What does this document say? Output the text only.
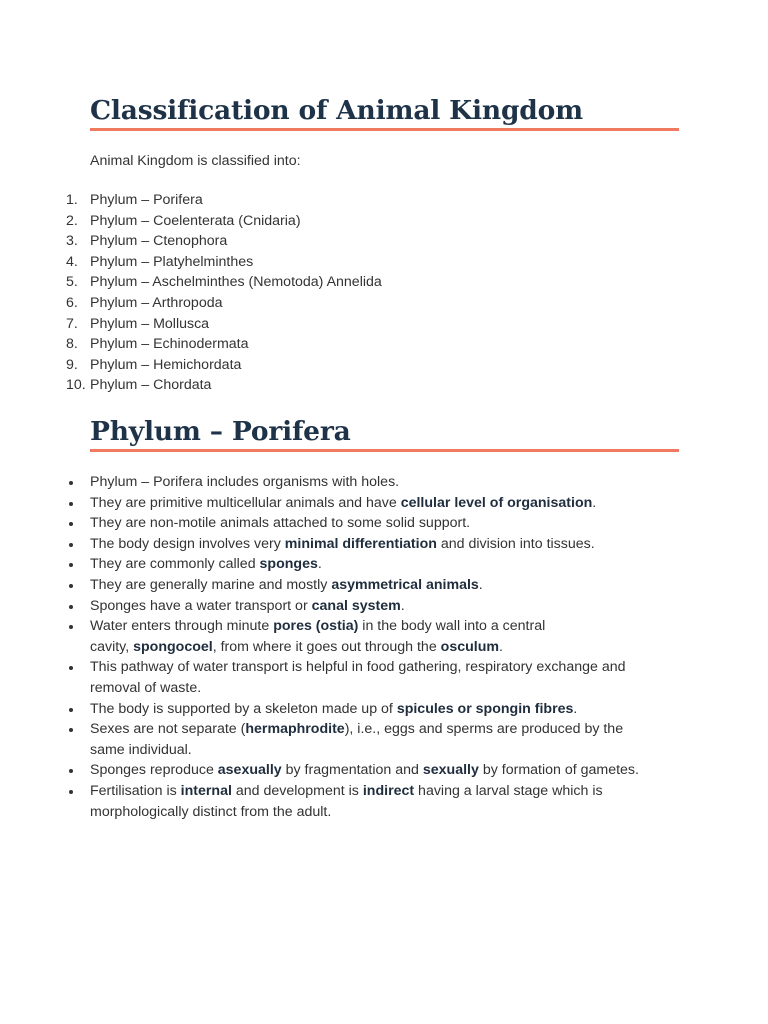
Classification of Animal Kingdom

Animal Kingdom is classified into:

1. Phylum – Porifera
2. Phylum – Coelenterata (Cnidaria)
3. Phylum – Ctenophora
4. Phylum – Platyhelminthes
5. Phylum – Aschelminthes (Nemotoda) Annelida
6. Phylum – Arthropoda
7. Phylum – Mollusca
8. Phylum – Echinodermata
9. Phylum – Hemichordata
10. Phylum – Chordata
Phylum – Porifera
Phylum – Porifera includes organisms with holes.
They are primitive multicellular animals and have cellular level of organisation.
They are non-motile animals attached to some solid support.
The body design involves very minimal differentiation and division into tissues.
They are commonly called sponges.
They are generally marine and mostly asymmetrical animals.
Sponges have a water transport or canal system.
Water enters through minute pores (ostia) in the body wall into a central
cavity, spongocoel, from where it goes out through the osculum.
This pathway of water transport is helpful in food gathering, respiratory exchange and
removal of waste.
The body is supported by a skeleton made up of spicules or spongin fibres.
Sexes are not separate (hermaphrodite), i.e., eggs and sperms are produced by the
same individual.
Sponges reproduce asexually by fragmentation and sexually by formation of gametes.
Fertilisation is internal and development is indirect having a larval stage which is
morphologically distinct from the adult.
